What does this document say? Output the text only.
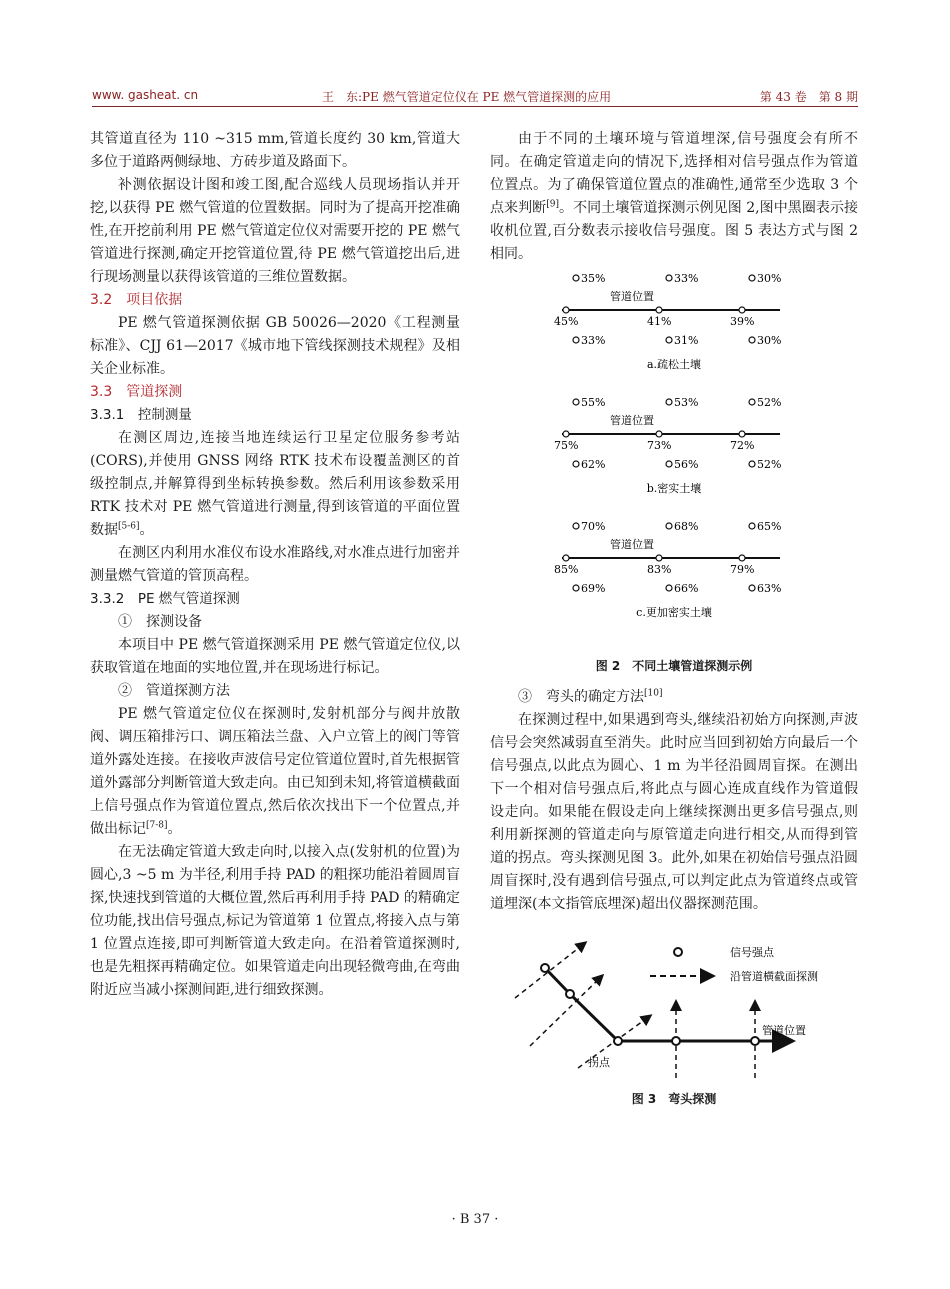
www. gasheat. cn	王　东:PE 燃气管道定位仪在 PE 燃气管道探测的应用	第 43 卷　第 8 期

其管道直径为 110 ~315 mm,管道长度约 30 km,管道大多位于道路两侧绿地、方砖步道及路面下。

补测依据设计图和竣工图,配合巡线人员现场指认并开挖,以获得 PE 燃气管道的位置数据。同时为了提高开挖准确性,在开挖前利用 PE 燃气管道定位仪对需要开挖的 PE 燃气管道进行探测,确定开挖管道位置,待 PE 燃气管道挖出后,进行现场测量以获得该管道的三维位置数据。

3.2　项目依据

PE 燃气管道探测依据 GB 50026—2020《工程测量标准》、CJJ 61—2017《城市地下管线探测技术规程》及相关企业标准。

3.3　管道探测

3.3.1　控制测量

在测区周边,连接当地连续运行卫星定位服务参考站(CORS),并使用 GNSS 网络 RTK 技术布设覆盖测区的首级控制点,并解算得到坐标转换参数。然后利用该参数采用 RTK 技术对 PE 燃气管道进行测量,得到该管道的平面位置数据[5-6]。

在测区内利用水准仪布设水准路线,对水准点进行加密并测量燃气管道的管顶高程。

3.3.2　PE 燃气管道探测

①　探测设备

本项目中 PE 燃气管道探测采用 PE 燃气管道定位仪,以获取管道在地面的实地位置,并在现场进行标记。

②　管道探测方法

PE 燃气管道定位仪在探测时,发射机部分与阀井放散阀、调压箱排污口、调压箱法兰盘、入户立管上的阀门等管道外露处连接。在接收声波信号定位管道位置时,首先根据管道外露部分判断管道大致走向。由已知到未知,将管道横截面上信号强点作为管道位置点,然后依次找出下一个位置点,并做出标记[7-8]。

在无法确定管道大致走向时,以接入点(发射机的位置)为圆心,3 ~5 m 为半径,利用手持 PAD 的粗探功能沿着圆周盲探,快速找到管道的大概位置,然后再利用手持 PAD 的精确定位功能,找出信号强点,标记为管道第 1 位置点,将接入点与第 1 位置点连接,即可判断管道大致走向。在沿着管道探测时,也是先粗探再精确定位。如果管道走向出现轻微弯曲,在弯曲附近应当减小探测间距,进行细致探测。

由于不同的土壤环境与管道埋深,信号强度会有所不同。在确定管道走向的情况下,选择相对信号强点作为管道位置点。为了确保管道位置点的准确性,通常至少选取 3 个点来判断[9]。不同土壤管道探测示例见图 2,图中黑圈表示接收机位置,百分数表示接收信号强度。图 5 表达方式与图 2 相同。

35%	33%	30%
管道位置
45%	41%	39%
33%	31%	30%
a.疏松土壤
55%	53%	52%
管道位置
75%	73%	72%
62%	56%	52%
b.密实土壤
70%	68%	65%
管道位置
85%	83%	79%
69%	66%	63%
c.更加密实土壤

图 2　不同土壤管道探测示例

③　弯头的确定方法[10]

在探测过程中,如果遇到弯头,继续沿初始方向探测,声波信号会突然减弱直至消失。此时应当回到初始方向最后一个信号强点,以此点为圆心、1 m 为半径沿圆周盲探。在测出下一个相对信号强点后,将此点与圆心连成直线作为管道假设走向。如果能在假设走向上继续探测出更多信号强点,则利用新探测的管道走向与原管道走向进行相交,从而得到管道的拐点。弯头探测见图 3。此外,如果在初始信号强点沿圆周盲探时,没有遇到信号强点,可以判定此点为管道终点或管道埋深(本文指管底埋深)超出仪器探测范围。

信号强点
沿管道横截面探测
管道位置
拐点

图 3　弯头探测

· B 37 ·
